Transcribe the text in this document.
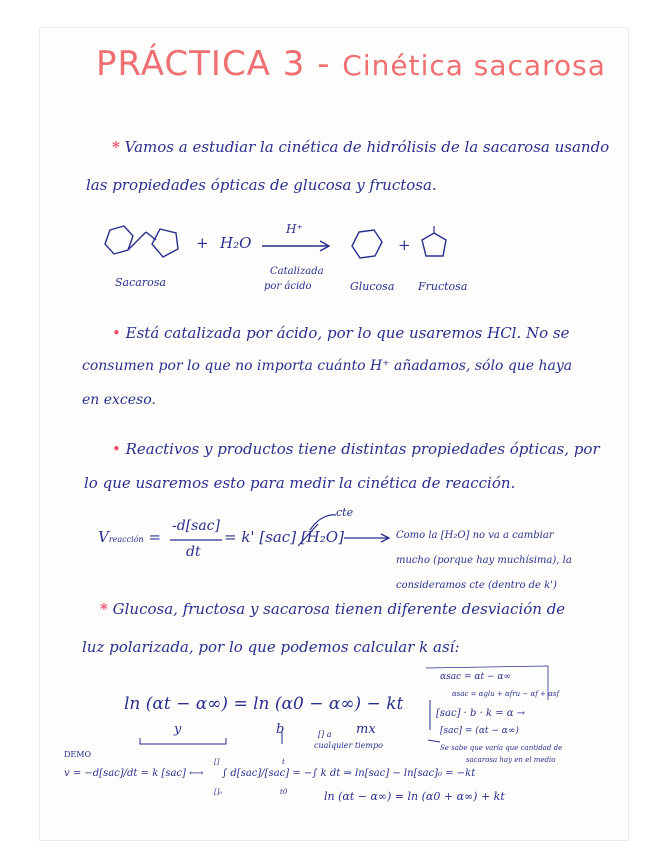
PRÁCTICA 3 - Cinética sacarosa
* Vamos a estudiar la cinética de hidrólisis de la sacarosa usando
las propiedades ópticas de glucosa y fructosa.
+ H₂O
H⁺
Catalizada
por ácido
+
Sacarosa	Glucosa Fructosa
• Está catalizada por ácido, por lo que usaremos HCl. No se
consumen por lo que no importa cuánto H⁺ añadamos, sólo que haya
en exceso.
• Reactivos y productos tiene distintas propiedades ópticas, por
lo que usaremos esto para medir la cinética de reacción.
Vreacción =
-d[sac]
dt
= k' [sac] [H₂O]
cte
Como la [H₂O] no va a cambiar
mucho (porque hay muchísima), la
consideramos cte (dentro de k')
* Glucosa, fructosa y sacarosa tienen diferente desviación de
luz polarizada, por lo que podemos calcular k así:
ln (αt − α∞) = ln (α0 − α∞) − kt
y	b	mx
[] a
cualquier tiempo
αsac = αt − α∞
αsac = αglu + αfru − αf + αsf
[sac] · b · k = α →
[sac] = (αt − α∞)
Se sabe que varía que cantidad de
sacarosa hay en el medio
DEMO
v = −d[sac]/dt = k [sac] ⟷
[]
[]₀
∫ d[sac]/[sac] = −∫ k dt ⇒ ln[sac] − ln[sac]₀ = −kt
t
t0	ln (αt − α∞) = ln (α0 + α∞) + kt
